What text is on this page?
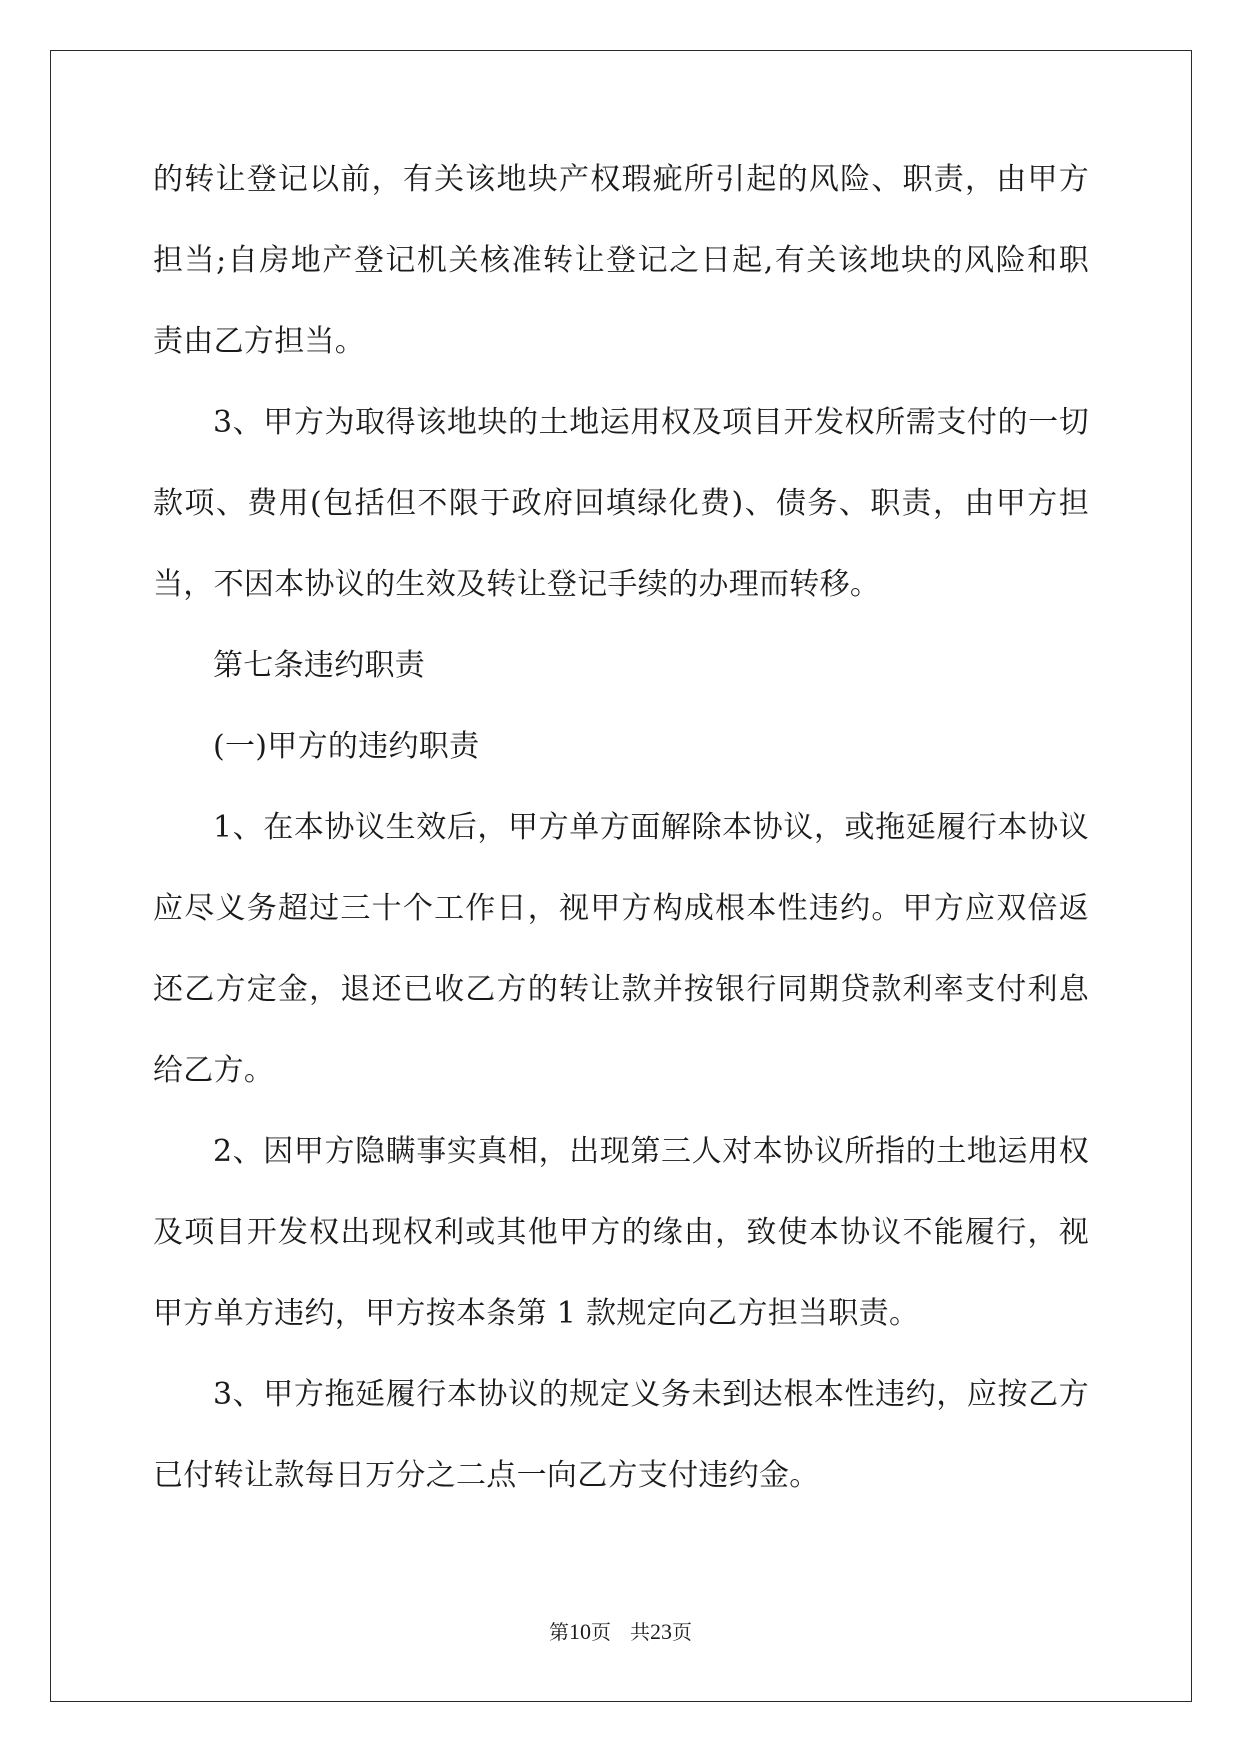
的转让登记以前，有关该地块产权瑕疵所引起的风险、职责，由甲方
担当;自房地产登记机关核准转让登记之日起,有关该地块的风险和职
责由乙方担当。
3、甲方为取得该地块的土地运用权及项目开发权所需支付的一切
款项、费用(包括但不限于政府回填绿化费)、债务、职责，由甲方担
当，不因本协议的生效及转让登记手续的办理而转移。
第七条违约职责
(一)甲方的违约职责
1、在本协议生效后，甲方单方面解除本协议，或拖延履行本协议
应尽义务超过三十个工作日，视甲方构成根本性违约。甲方应双倍返
还乙方定金，退还已收乙方的转让款并按银行同期贷款利率支付利息
给乙方。
2、因甲方隐瞒事实真相，出现第三人对本协议所指的土地运用权
及项目开发权出现权利或其他甲方的缘由，致使本协议不能履行，视
甲方单方违约，甲方按本条第 1 款规定向乙方担当职责。
3、甲方拖延履行本协议的规定义务未到达根本性违约，应按乙方
已付转让款每日万分之二点一向乙方支付违约金。
第10页 共23页
